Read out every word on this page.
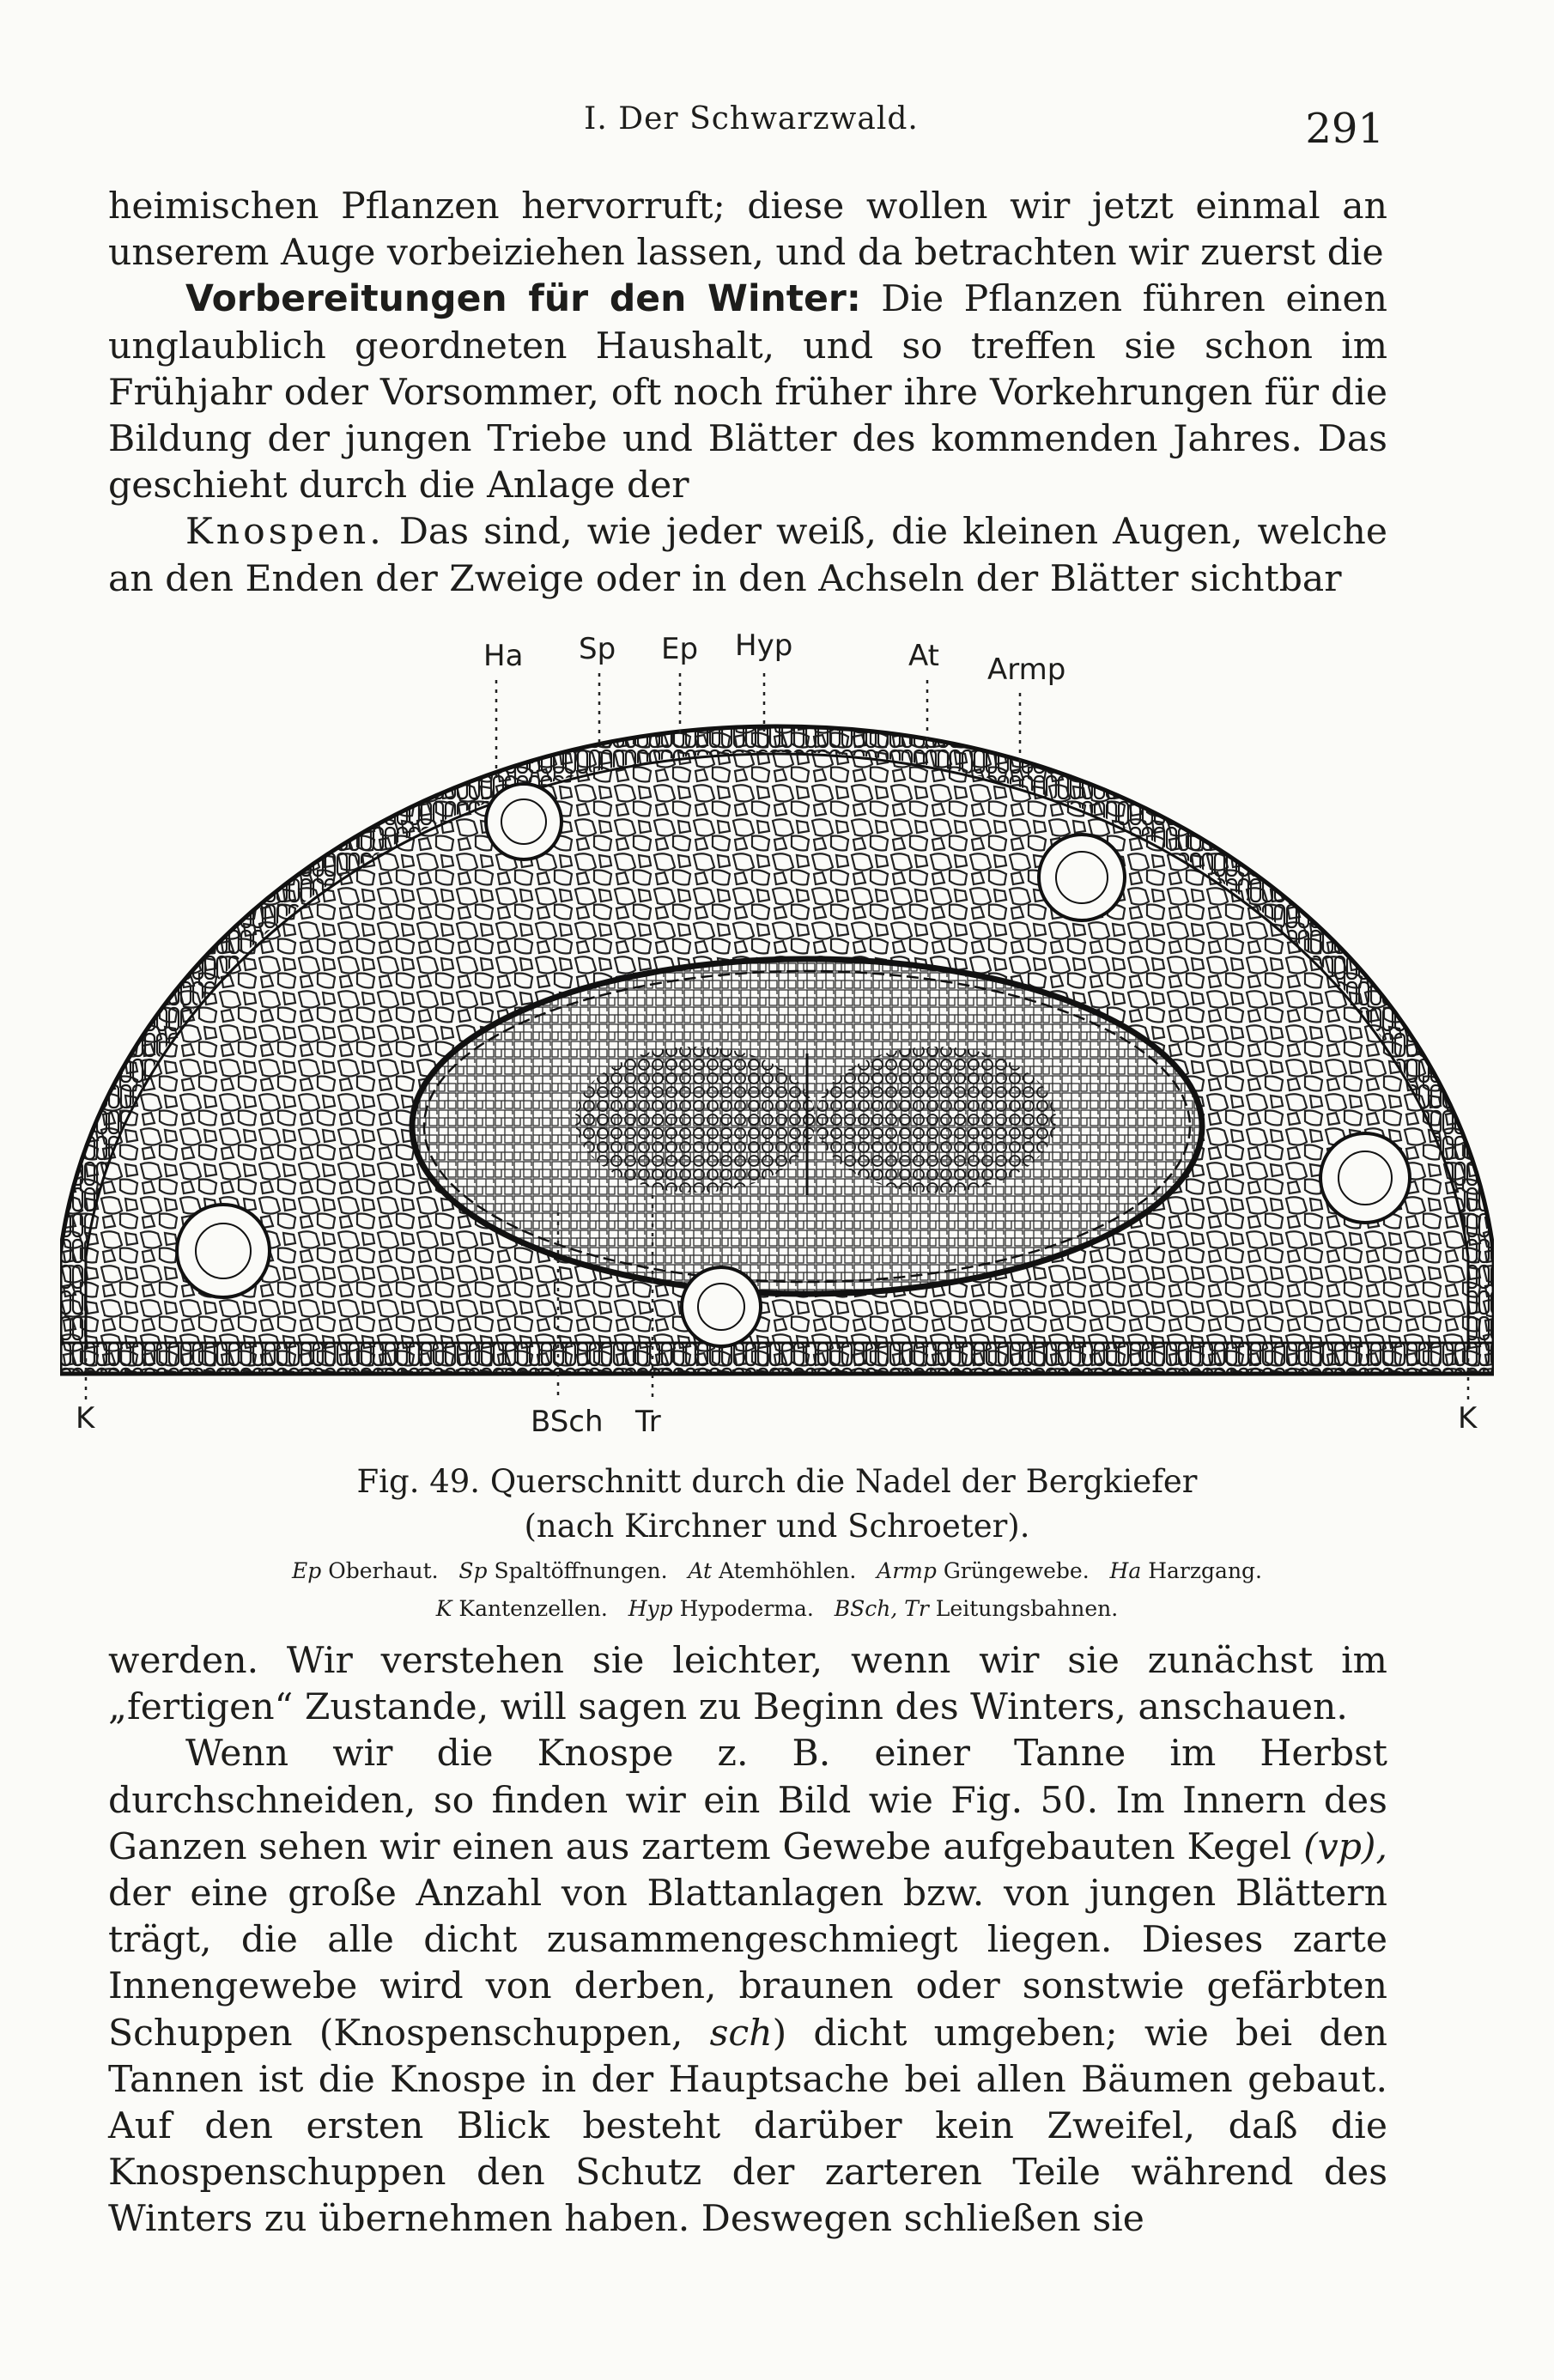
I. Der Schwarzwald.	291

heimischen Pflanzen hervorruft; diese wollen wir jetzt einmal an unserem Auge vorbeiziehen lassen, und da betrachten wir zuerst die

Vorbereitungen für den Winter: Die Pflanzen führen einen unglaublich geordneten Haushalt, und so treffen sie schon im Frühjahr oder Vorsommer, oft noch früher ihre Vorkehrungen für die Bildung der jungen Triebe und Blätter des kommenden Jahres. Das geschieht durch die Anlage der

Knospen. Das sind, wie jeder weiß, die kleinen Augen, welche an den Enden der Zweige oder in den Achseln der Blätter sichtbar

Ha Sp Ep Hyp	At Armp
K	K
BSch Tr
Fig. 49. Querschnitt durch die Nadel der Bergkiefer
(nach Kirchner und Schroeter).
Ep Oberhaut. Sp Spaltöffnungen. At Atemhöhlen. Armp Grüngewebe. Ha Harzgang.
K Kantenzellen. Hyp Hypoderma. BSch, Tr Leitungsbahnen.

werden. Wir verstehen sie leichter, wenn wir sie zunächst im „fertigen“ Zustande, will sagen zu Beginn des Winters, anschauen.

Wenn wir die Knospe z. B. einer Tanne im Herbst durchschneiden, so finden wir ein Bild wie Fig. 50. Im Innern des Ganzen sehen wir einen aus zartem Gewebe aufgebauten Kegel (vp), der eine große Anzahl von Blattanlagen bzw. von jungen Blättern trägt, die alle dicht zusammengeschmiegt liegen. Dieses zarte Innengewebe wird von derben, braunen oder sonstwie gefärbten Schuppen (Knospenschuppen, sch) dicht umgeben; wie bei den Tannen ist die Knospe in der Hauptsache bei allen Bäumen gebaut. Auf den ersten Blick besteht darüber kein Zweifel, daß die Knospenschuppen den Schutz der zarteren Teile während des Winters zu übernehmen haben. Deswegen schließen sie
